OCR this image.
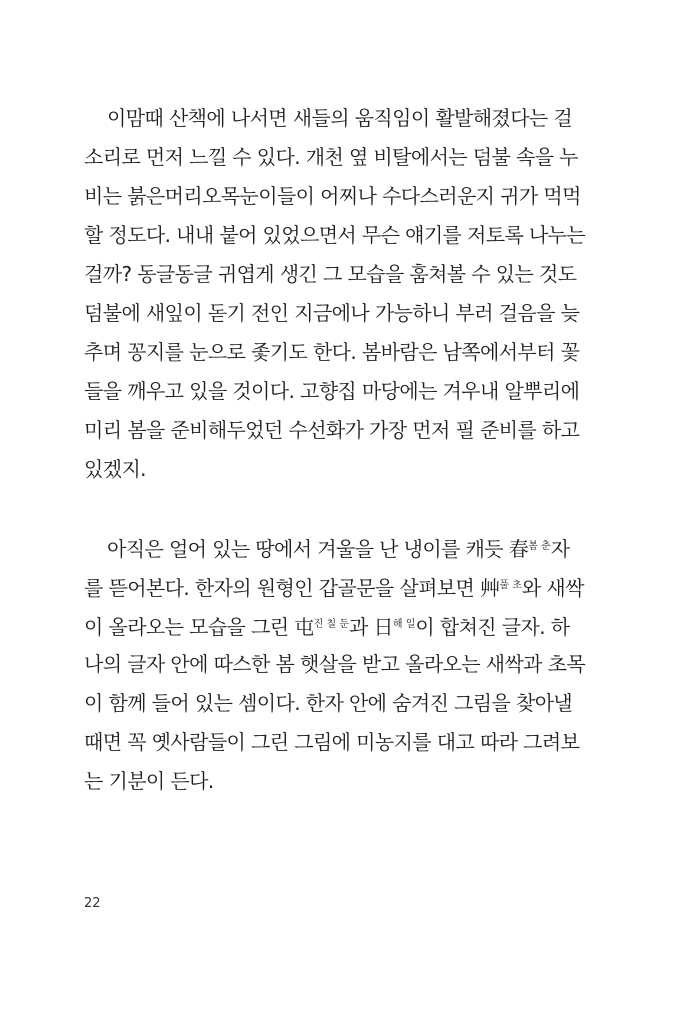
이맘때 산책에 나서면 새들의 움직임이 활발해졌다는 걸
소리로 먼저 느낄 수 있다. 개천 옆 비탈에서는 덤불 속을 누
비는 붉은머리오목눈이들이 어찌나 수다스러운지 귀가 먹먹
할 정도다. 내내 붙어 있었으면서 무슨 얘기를 저토록 나누는
걸까? 동글동글 귀엽게 생긴 그 모습을 훔쳐볼 수 있는 것도
덤불에 새잎이 돋기 전인 지금에나 가능하니 부러 걸음을 늦
추며 꽁지를 눈으로 좇기도 한다. 봄바람은 남쪽에서부터 꽃
들을 깨우고 있을 것이다. 고향집 마당에는 겨우내 알뿌리에
미리 봄을 준비해두었던 수선화가 가장 먼저 필 준비를 하고
있겠지.
아직은 얼어 있는 땅에서 겨울을 난 냉이를 캐듯 春$^{봄 춘}$자
를 뜯어본다. 한자의 원형인 갑골문을 살펴보면 艸$^{풀 초}$와 새싹
이 올라오는 모습을 그린 屯$^{진 칠 둔}$과 日$^{해 일}$이 합쳐진 글자. 하
나의 글자 안에 따스한 봄 햇살을 받고 올라오는 새싹과 초목
이 함께 들어 있는 셈이다. 한자 안에 숨겨진 그림을 찾아낼
때면 꼭 옛사람들이 그린 그림에 미농지를 대고 따라 그려보
는 기분이 든다.
22
